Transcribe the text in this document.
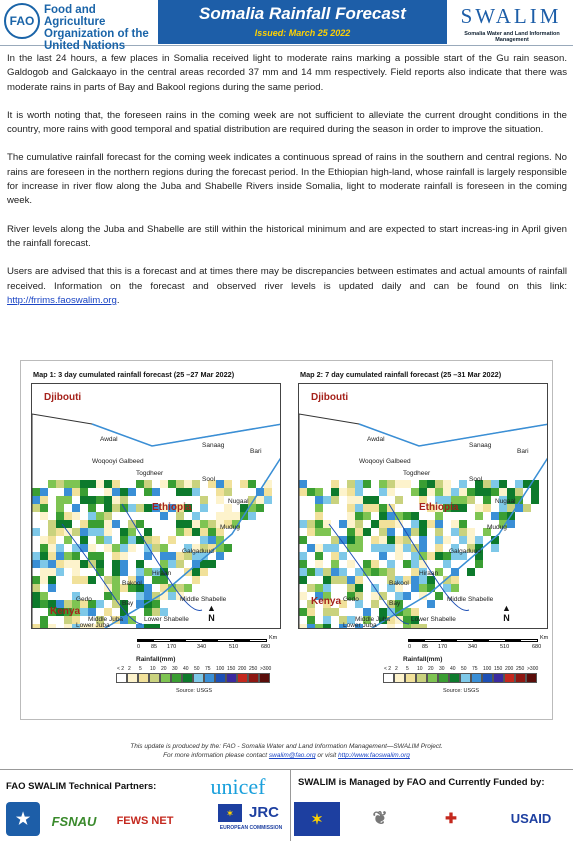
FAO
Food and Agriculture Organization of the United Nations
Somalia Rainfall Forecast
Issued: March 25 2022
SWALIM
Somalia Water and Land Information Management

In the last 24 hours, a few places in Somalia received light to moderate rains marking a possible start of the Gu rain season. Galdogob and Galckaayo in the central areas recorded 37 mm and 14 mm respectively. Field reports also indicate that there was moderate rains in parts of Bay and Bakool regions during the same period.

It is worth noting that, the foreseen rains in the coming week are not sufficient to alleviate the current drought conditions in the country, more rains with good temporal and spatial distribution are required during the season in order to improve the situation.

The cumulative rainfall forecast for the coming week indicates a continuous spread of rains in the southern and central regions. No rains are foreseen in the northern regions during the forecast period. In the Ethiopian high-land, whose rainfall is largely responsible for increase in river flow along the Juba and Shabelle Rivers inside Somalia, light to moderate rainfall is foreseen in the coming week.

River levels along the Juba and Shabelle are still within the historical minimum and are expected to start increas-ing in April given the rainfall forecast.

Users are advised that this is a forecast and at times there may be discrepancies between estimates and actual amounts of rainfall received. Information on the forecast and observed river levels is updated daily and can be found on this link: http://frrims.faoswalim.org.

Map 1: 3 day cumulated rainfall forecast (25 –27 Mar 2022)
Djibouti
Ethiopia
Kenya
Awdal
Sanaag
Bari
Woqooyi Galbeed
Togdheer
Sool
Nugaal
Mudug
Galgaduud
Hiraan
Bakool
Gedo
Bay
Middle Shabelle
Lower Shabelle
Middle Juba
Lower Juba
▲
N
0 85 170	340	510	680
Km
Rainfall(mm)
< 2 2 5 10 20 30 40 50 75 100 150 200 250 >300
Source: USGS
Map 2: 7 day cumulated rainfall forecast (25 –31 Mar 2022)
Djibouti
Ethiopia
Kenya
Awdal
Sanaag
Bari
Woqooyi Galbeed
Togdheer
Sool
Nugaal
Mudug
Galgaduud
Hiraan
Bakool
Gedo
Bay
Middle Shabelle
Lower Shabelle
Middle Juba
Lower Juba
▲
N
0 85 170	340	510	680
Km
Rainfall(mm)
< 2 2 5 10 20 30 40 50 75 100 150 200 250 >300
Source: USGS
This update is produced by the: FAO - Somalia Water and Land Information Management—SWALIM Project.
For more information please contact swalim@fao.org or visit http://www.faoswalim.org
FAO SWALIM Technical Partners:	unicef
★	FSNAU	FEWS NET
✶	JRC
EUROPEAN COMMISSION
SWALIM is Managed by FAO and Currently Funded by:
✶	❦	✚	USAID
